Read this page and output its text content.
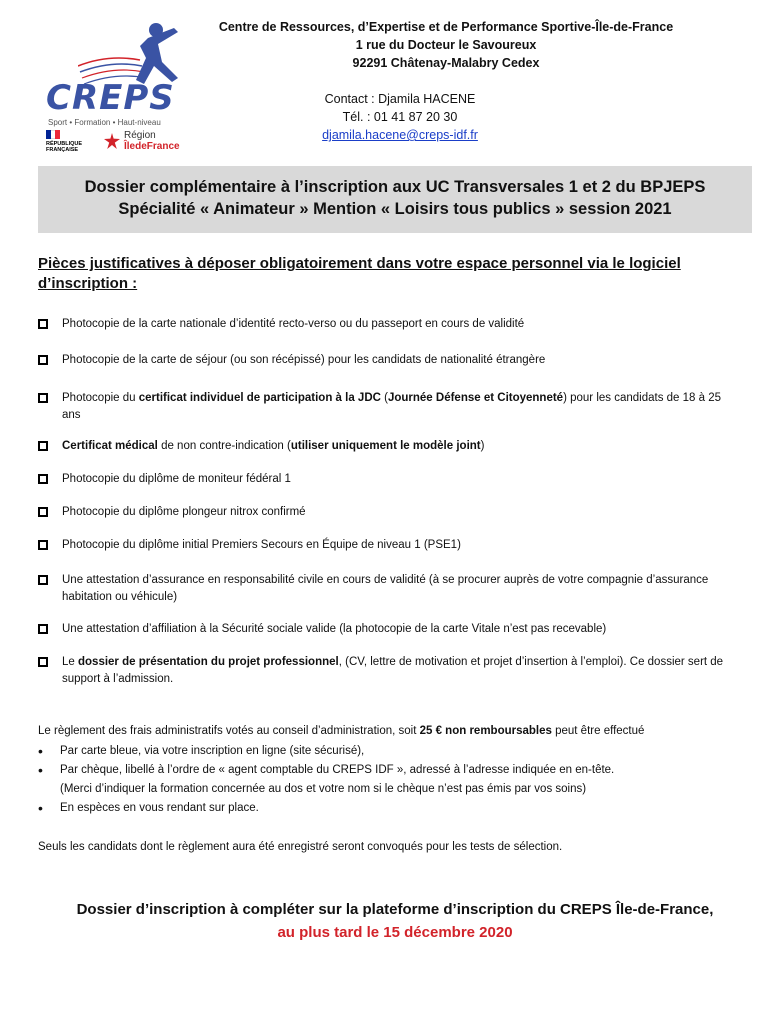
CREPS
Sport • Formation • Haut-niveau
RÉPUBLIQUE
FRANÇAISE
Région
ÎledeFrance
Centre de Ressources, d’Expertise et de Performance Sportive-Île-de-France
1 rue du Docteur le Savoureux
92291 Châtenay-Malabry Cedex
Contact : Djamila HACENE
Tél. : 01 41 87 20 30
djamila.hacene@creps-idf.fr
Dossier complémentaire à l’inscription aux UC Transversales 1 et 2 du BPJEPS
Spécialité « Animateur » Mention « Loisirs tous publics » session 2021
Pièces justificatives à déposer obligatoirement dans votre espace personnel via le logiciel d’inscription :
Photocopie de la carte nationale d’identité recto-verso ou du passeport en cours de validité
Photocopie de la carte de séjour (ou son récépissé) pour les candidats de nationalité étrangère
Photocopie du certificat individuel de participation à la JDC (Journée Défense et Citoyenneté) pour les candidats de 18 à 25 ans
Certificat médical de non contre-indication (utiliser uniquement le modèle joint)
Photocopie du diplôme de moniteur fédéral 1
Photocopie du diplôme plongeur nitrox confirmé
Photocopie du diplôme initial Premiers Secours en Équipe de niveau 1 (PSE1)
Une attestation d’assurance en responsabilité civile en cours de validité (à se procurer auprès de votre compagnie d’assurance habitation ou véhicule)
Une attestation d’affiliation à la Sécurité sociale valide (la photocopie de la carte Vitale n’est pas recevable)
Le dossier de présentation du projet professionnel, (CV, lettre de motivation et projet d’insertion à l’emploi). Ce dossier sert de support à l’admission.
Le règlement des frais administratifs votés au conseil d’administration, soit 25 € non remboursables peut être effectué
•	Par carte bleue, via votre inscription en ligne (site sécurisé),
•	Par chèque, libellé à l’ordre de « agent comptable du CREPS IDF », adressé à l’adresse indiquée en en-tête.
(Merci d’indiquer la formation concernée au dos et votre nom si le chèque n’est pas émis par vos soins)
•	En espèces en vous rendant sur place.
Seuls les candidats dont le règlement aura été enregistré seront convoqués pour les tests de sélection.
Dossier d’inscription à compléter sur la plateforme d’inscription du CREPS Île-de-France,
au plus tard le 15 décembre 2020
